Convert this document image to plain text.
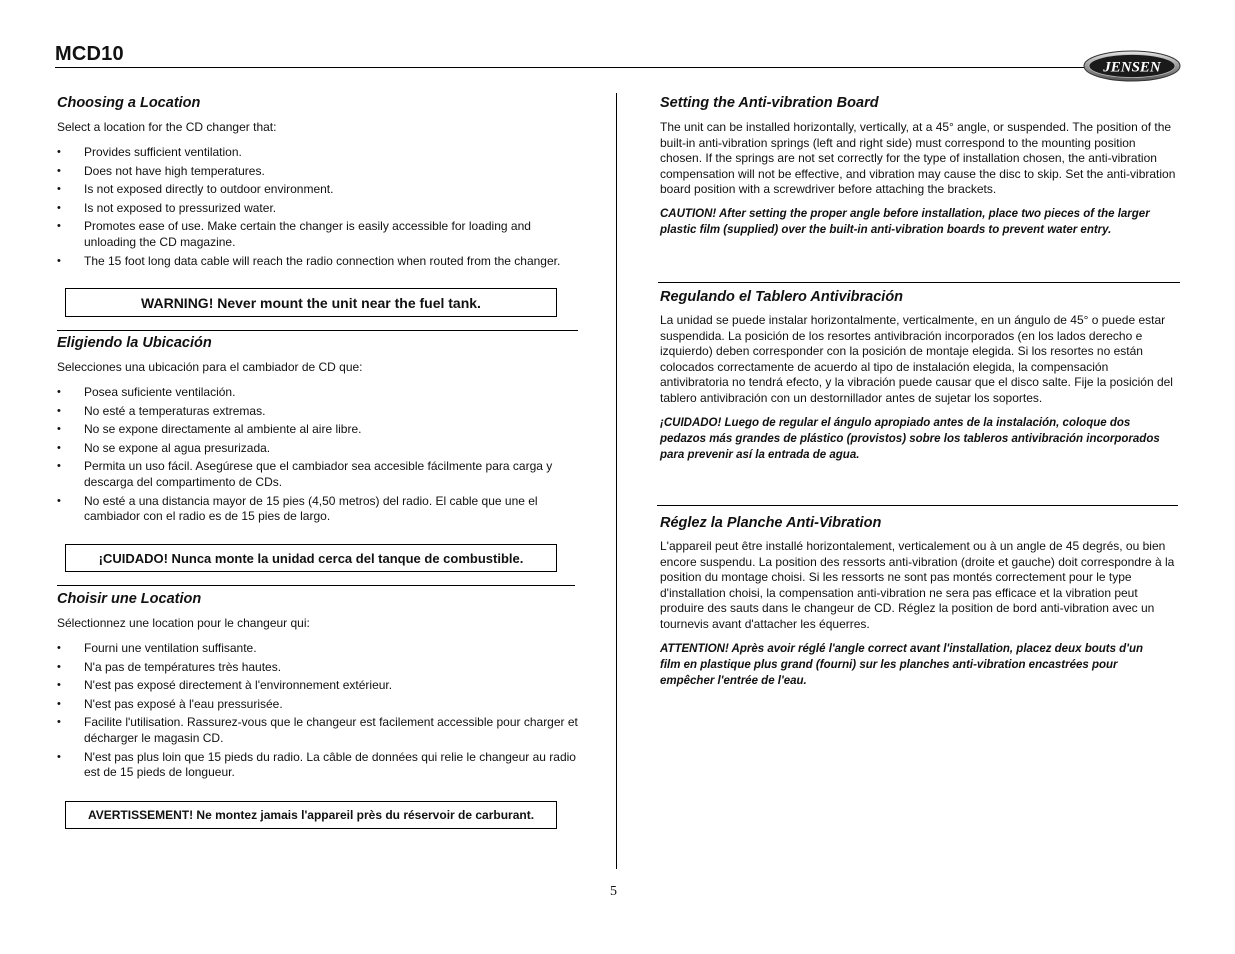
MCD10
JENSEN
Choosing a Location

Select a location for the CD changer that:

• Provides sufficient ventilation.
• Does not have high temperatures.
• Is not exposed directly to outdoor environment.
• Is not exposed to pressurized water.
• Promotes ease of use. Make certain the changer is easily accessible for loading and unloading the CD magazine.
• The 15 foot long data cable will reach the radio connection when routed from the changer.
WARNING! Never mount the unit near the fuel tank.
Eligiendo la Ubicación

Selecciones una ubicación para el cambiador de CD que:

• Posea suficiente ventilación.
• No esté a temperaturas extremas.
• No se expone directamente al ambiente al aire libre.
• No se expone al agua presurizada.
• Permita un uso fácil. Asegúrese que el cambiador sea accesible fácilmente para carga y descarga del compartimento de CDs.
• No esté a una distancia mayor de 15 pies (4,50 metros) del radio. El cable que une el cambiador con el radio es de 15 pies de largo.
¡CUIDADO! Nunca monte la unidad cerca del tanque de combustible.
Choisir une Location

Sélectionnez une location pour le changeur qui:

• Fourni une ventilation suffisante.
• N'a pas de températures très hautes.
• N'est pas exposé directement à l'environnement extérieur.
• N'est pas exposé à l'eau pressurisée.
• Facilite l'utilisation. Rassurez-vous que le changeur est facilement accessible pour charger et décharger le magasin CD.
• N'est pas plus loin que 15 pieds du radio. La câble de données qui relie le changeur au radio est de 15 pieds de longueur.
AVERTISSEMENT! Ne montez jamais l'appareil près du réservoir de carburant.
Setting the Anti-vibration Board

The unit can be installed horizontally, vertically, at a 45° angle, or suspended. The position of the built-in anti-vibration springs (left and right side) must correspond to the mounting position chosen. If the springs are not set correctly for the type of installation chosen, the anti-vibration compensation will not be effective, and vibration may cause the disc to skip. Set the anti-vibration board position with a screwdriver before attaching the brackets.

CAUTION! After setting the proper angle before installation, place two pieces of the larger plastic film (supplied) over the built-in anti-vibration boards to prevent water entry.

Regulando el Tablero Antivibración

La unidad se puede instalar horizontalmente, verticalmente, en un ángulo de 45° o puede estar suspendida. La posición de los resortes antivibración incorporados (en los lados derecho e izquierdo) deben corresponder con la posición de montaje elegida. Si los resortes no están colocados correctamente de acuerdo al tipo de instalación elegida, la compensación antivibratoria no tendrá efecto, y la vibración puede causar que el disco salte. Fije la posición del tablero antivibración con un destornillador antes de sujetar los soportes.

¡CUIDADO! Luego de regular el ángulo apropiado antes de la instalación, coloque dos pedazos más grandes de plástico (provistos) sobre los tableros antivibración incorporados para prevenir así la entrada de agua.

Réglez la Planche Anti-Vibration

L'appareil peut être installé horizontalement, verticalement ou à un angle de 45 degrés, ou bien encore suspendu. La position des ressorts anti-vibration (droite et gauche) doit correspondre à la position du montage choisi. Si les ressorts ne sont pas montés correctement pour le type d'installation choisi, la compensation anti-vibration ne sera pas efficace et la vibration peut produire des sauts dans le changeur de CD. Réglez la position de bord anti-vibration avec un tournevis avant d'attacher les équerres.

ATTENTION! Après avoir réglé l'angle correct avant l'installation, placez deux bouts d'un film en plastique plus grand (fourni) sur les planches anti-vibration encastrées pour empêcher l'entrée de l'eau.

5
